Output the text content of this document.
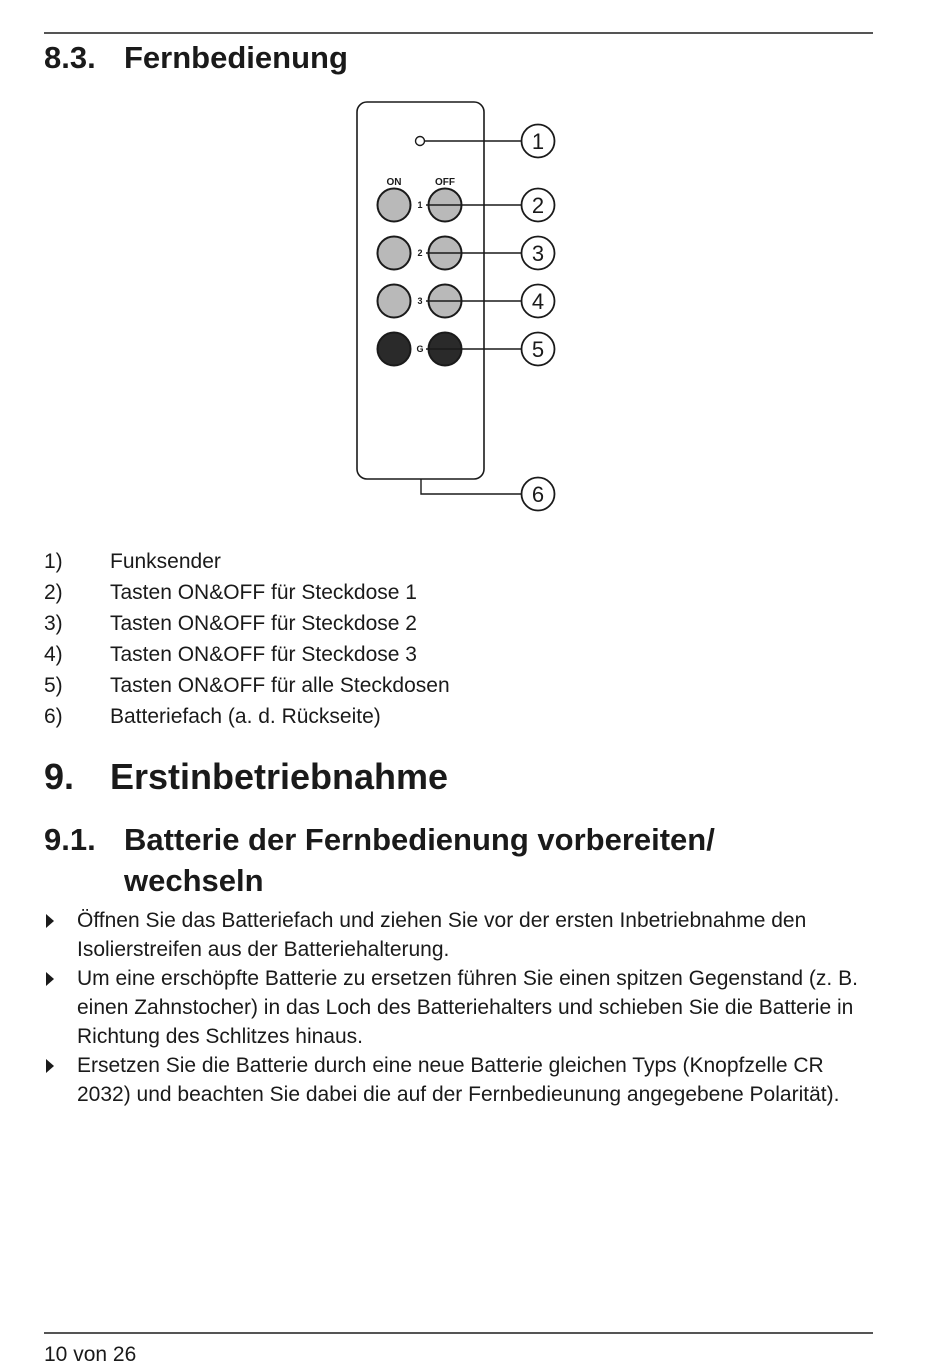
8.3. Fernbedienung
ON	OFF
1
2
3
G
1
2
3
4
5
6
1) Funksender
2) Tasten ON&OFF für Steckdose 1
3) Tasten ON&OFF für Steckdose 2
4) Tasten ON&OFF für Steckdose 3
5) Tasten ON&OFF für alle Steckdosen
6) Batteriefach (a. d. Rückseite)
9. Erstinbetriebnahme
9.1. Batterie der Fernbedienung vorbereiten/
wechseln
Öffnen Sie das Batteriefach und ziehen Sie vor der ersten Inbetriebnahme den Isolierstreifen aus der Batteriehalterung.
Um eine erschöpfte Batterie zu ersetzen führen Sie einen spitzen Gegenstand (z. B. einen Zahnstocher) in das Loch des Batteriehalters und schieben Sie die Batterie in Richtung des Schlitzes hinaus.
Ersetzen Sie die Batterie durch eine neue Batterie gleichen Typs (Knopfzelle CR 2032) und beachten Sie dabei die auf der Fernbedieunung angegebene Polarität).
10 von 26
